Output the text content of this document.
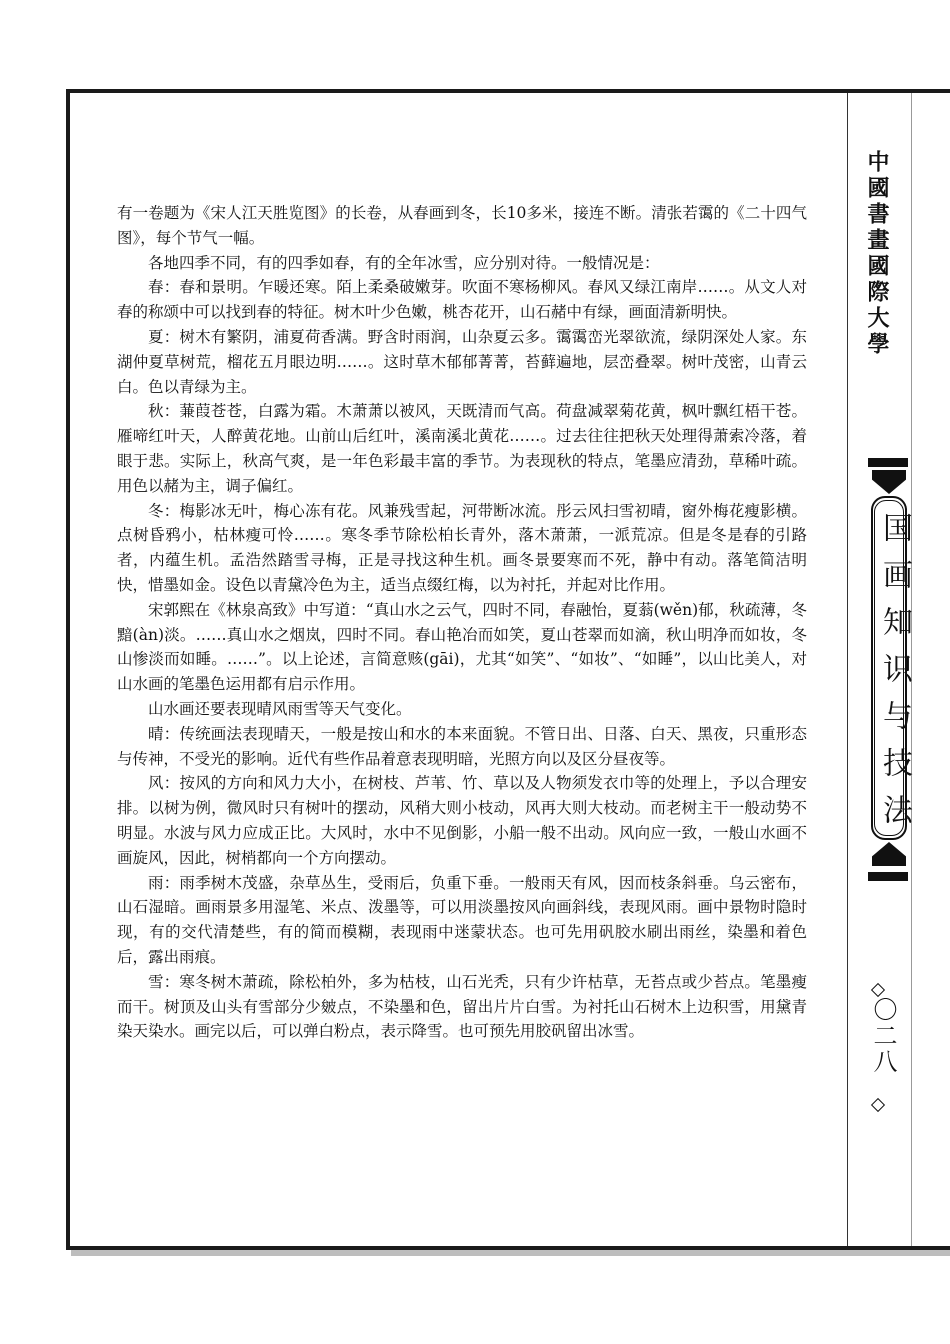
中國書畫國際大學
国画知识与技法
〇二八

有一卷题为《宋人江天胜览图》的长卷，从春画到冬，长10多米，接连不断。清张若霭的《二十四气图》，每个节气一幅。

各地四季不同，有的四季如春，有的全年冰雪，应分别对待。一般情况是：

春：春和景明。乍暖还寒。陌上柔桑破嫩芽。吹面不寒杨柳风。春风又绿江南岸……。从文人对春的称颂中可以找到春的特征。树木叶少色嫩，桃杏花开，山石赭中有绿，画面清新明快。

夏：树木有繁阴，浦夏荷香满。野含时雨润，山杂夏云多。霭霭峦光翠欲流，绿阴深处人家。东湖仲夏草树荒，榴花五月眼边明……。这时草木郁郁菁菁，苔藓遍地，层峦叠翠。树叶茂密，山青云白。色以青绿为主。

秋：蒹葭苍苍，白露为霜。木萧萧以被风，天既清而气高。荷盘减翠菊花黄，枫叶飘红梧干苍。雁啼红叶天，人醉黄花地。山前山后红叶，溪南溪北黄花……。过去往往把秋天处理得萧索冷落，着眼于悲。实际上，秋高气爽，是一年色彩最丰富的季节。为表现秋的特点，笔墨应清劲，草稀叶疏。用色以赭为主，调子偏红。

冬：梅影冰无叶，梅心冻有花。风兼残雪起，河带断冰流。彤云风扫雪初晴，窗外梅花瘦影横。点树昏鸦小，枯林瘦可怜……。寒冬季节除松柏长青外，落木萧萧，一派荒凉。但是冬是春的引路者，内蕴生机。孟浩然踏雪寻梅，正是寻找这种生机。画冬景要寒而不死，静中有动。落笔简洁明快，惜墨如金。设色以青黛冷色为主，适当点缀红梅，以为衬托，并起对比作用。

宋郭熙在《林泉高致》中写道：“真山水之云气，四时不同，春融怡，夏蓊(wěn)郁，秋疏薄，冬黯(àn)淡。……真山水之烟岚，四时不同。春山艳冶而如笑，夏山苍翠而如滴，秋山明净而如妆，冬山惨淡而如睡。……”。以上论述，言简意赅(gāi)，尤其“如笑”、“如妆”、“如睡”，以山比美人，对山水画的笔墨色运用都有启示作用。

山水画还要表现晴风雨雪等天气变化。

晴：传统画法表现晴天，一般是按山和水的本来面貌。不管日出、日落、白天、黑夜，只重形态与传神，不受光的影响。近代有些作品着意表现明暗，光照方向以及区分昼夜等。

风：按风的方向和风力大小，在树枝、芦苇、竹、草以及人物须发衣巾等的处理上，予以合理安排。以树为例，微风时只有树叶的摆动，风稍大则小枝动，风再大则大枝动。而老树主干一般动势不明显。水波与风力应成正比。大风时，水中不见倒影，小船一般不出动。风向应一致，一般山水画不画旋风，因此，树梢都向一个方向摆动。

雨：雨季树木茂盛，杂草丛生，受雨后，负重下垂。一般雨天有风，因而枝条斜垂。乌云密布，山石湿暗。画雨景多用湿笔、米点、泼墨等，可以用淡墨按风向画斜线，表现风雨。画中景物时隐时现，有的交代清楚些，有的简而模糊，表现雨中迷蒙状态。也可先用矾胶水刷出雨丝，染墨和着色后，露出雨痕。

雪：寒冬树木萧疏，除松柏外，多为枯枝，山石光秃，只有少许枯草，无苔点或少苔点。笔墨瘦而干。树顶及山头有雪部分少皴点，不染墨和色，留出片片白雪。为衬托山石树木上边积雪，用黛青染天染水。画完以后，可以弹白粉点，表示降雪。也可预先用胶矾留出冰雪。
